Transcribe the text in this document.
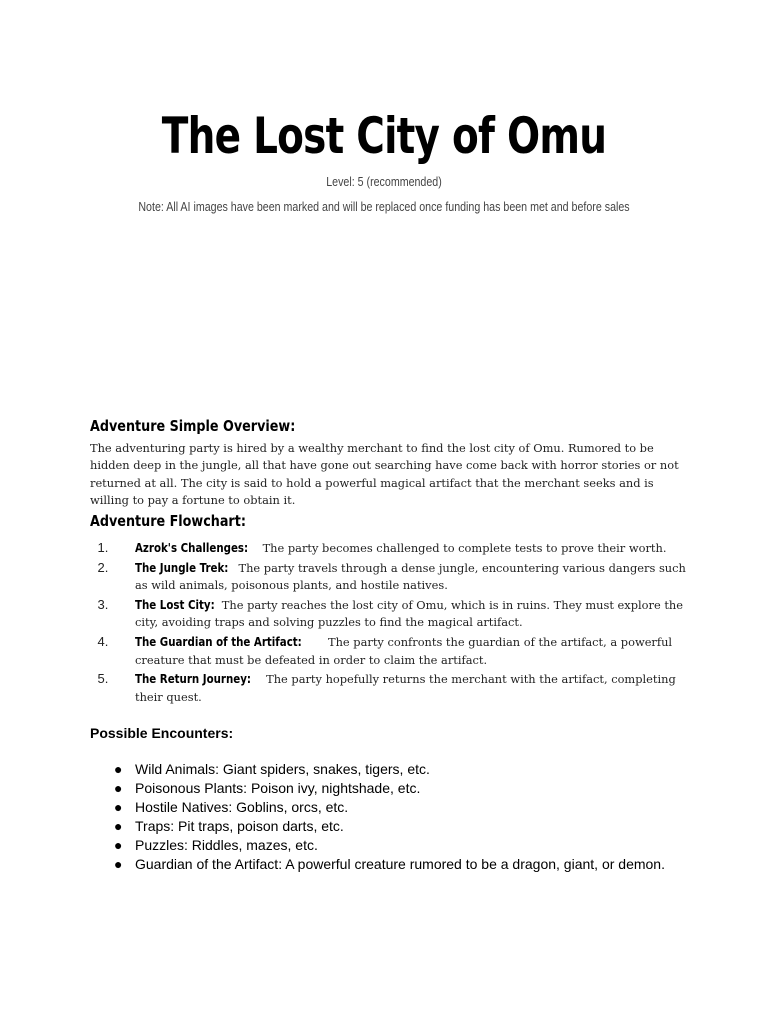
The Lost City of Omu

Level: 5 (recommended)

Note: All AI images have been marked and will be replaced once funding has been met and before sales

Adventure Simple Overview:

The adventuring party is hired by a wealthy merchant to find the lost city of Omu. Rumored to be hidden deep in the jungle, all that have gone out searching have come back with horror stories or not returned at all. The city is said to hold a powerful magical artifact that the merchant seeks and is willing to pay a fortune to obtain it.

Adventure Flowchart:
1. Azrok's Challenges: The party becomes challenged to complete tests to prove their worth.
2. The Jungle Trek: The party travels through a dense jungle, encountering various dangers such as wild animals, poisonous plants, and hostile natives.
3. The Lost City: The party reaches the lost city of Omu, which is in ruins. They must explore the city, avoiding traps and solving puzzles to find the magical artifact.
4. The Guardian of the Artifact: The party confronts the guardian of the artifact, a powerful creature that must be defeated in order to claim the artifact.
5. The Return Journey: The party hopefully returns the merchant with the artifact, completing their quest.
Possible Encounters:
● Wild Animals: Giant spiders, snakes, tigers, etc.
● Poisonous Plants: Poison ivy, nightshade, etc.
● Hostile Natives: Goblins, orcs, etc.
● Traps: Pit traps, poison darts, etc.
● Puzzles: Riddles, mazes, etc.
● Guardian of the Artifact: A powerful creature rumored to be a dragon, giant, or demon.
